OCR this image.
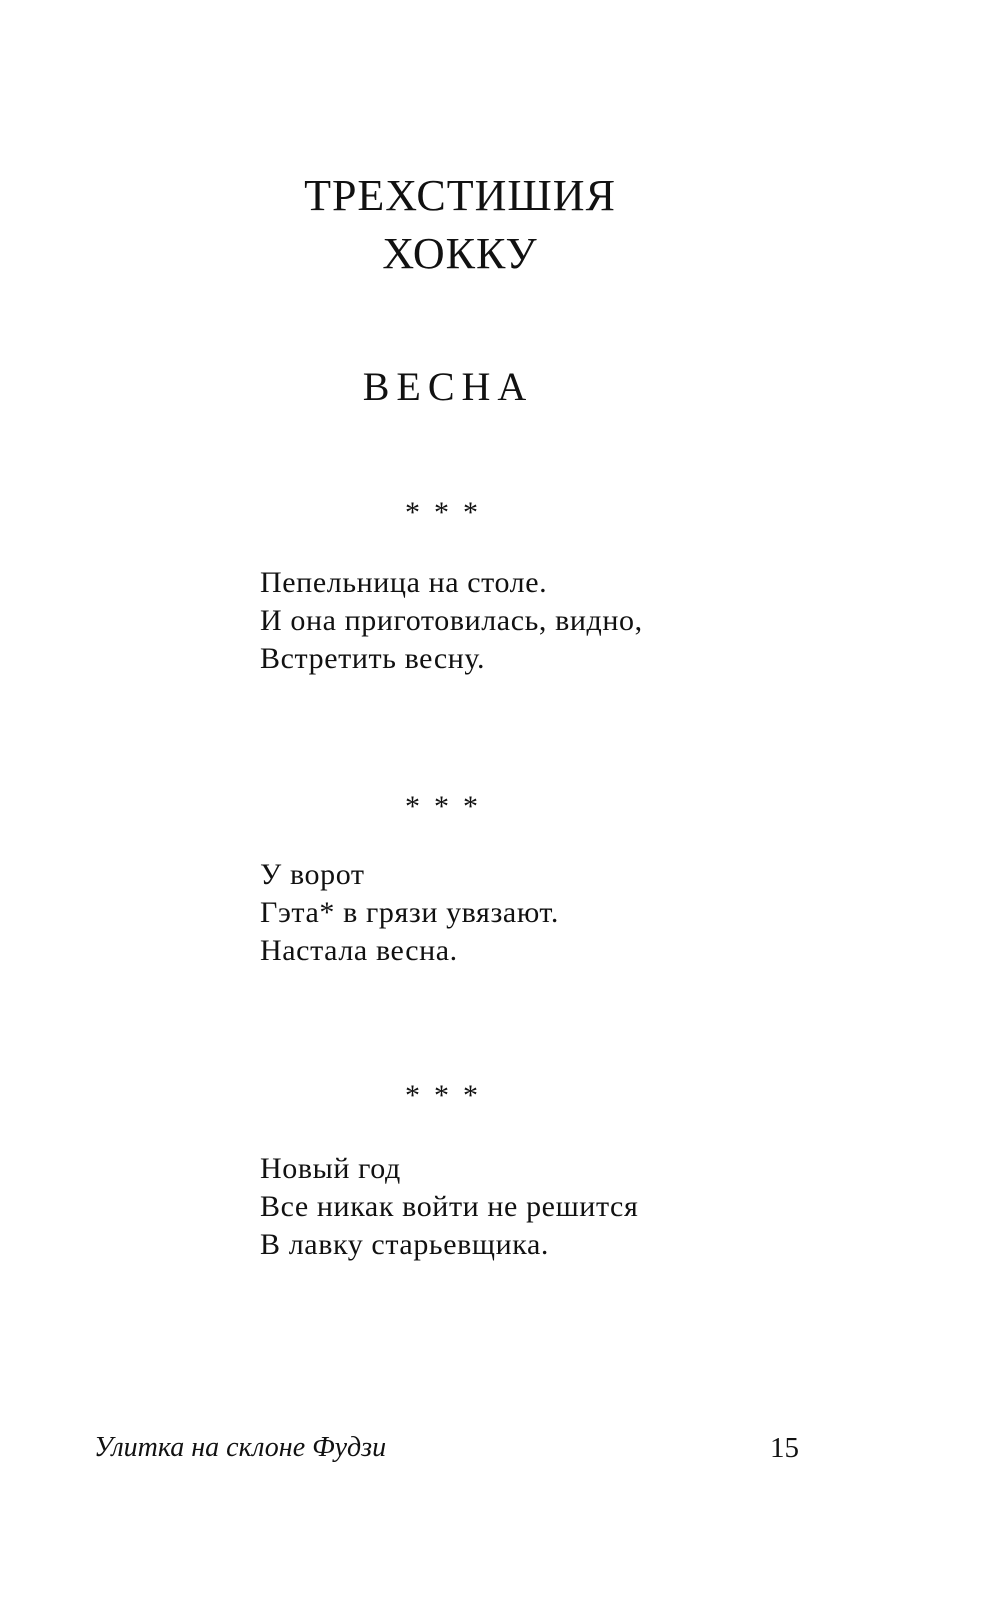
ТРЕХСТИШИЯ
ХОККУ
ВЕСНА
***
Пепельница на столе.
И она приготовилась, видно,
Встретить весну.
***
У ворот
Гэта* в грязи увязают.
Настала весна.
***
Новый год
Все никак войти не решится
В лавку старьевщика.
Улитка на склоне Фудзи	15
